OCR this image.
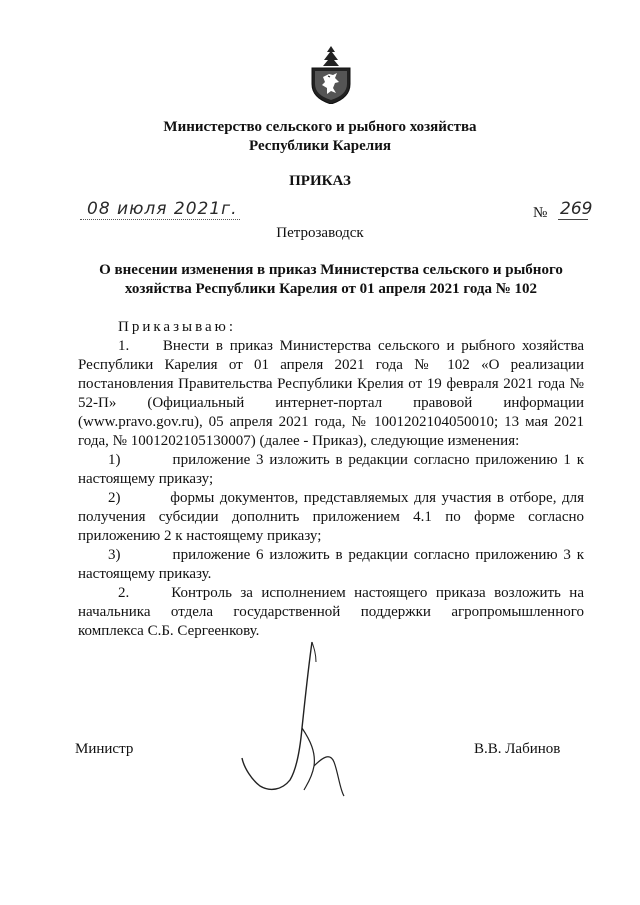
Министерство сельского и рыбного хозяйства
Республики Карелия
ПРИКАЗ
08 июля 2021г.	№ 269
Петрозаводск
О внесении изменения в приказ Министерства сельского и рыбного
хозяйства Республики Карелия от 01 апреля 2021 года № 102

Приказываю:

1.     Внести в приказ Министерства сельского и рыбного хозяйства Республики Карелия от 01 апреля 2021 года № 102 «О реализации постановления Правительства Республики Крелия от 19 февраля 2021 года № 52-П» (Официальный интернет-портал правовой информации (www.pravo.gov.ru), 05 апреля 2021 года, № 1001202104050010; 13 мая 2021 года, № 1001202105130007) (далее - Приказ), следующие изменения:

1)         приложение 3 изложить в редакции согласно приложению 1 к настоящему приказу;

2)         формы документов, представляемых для участия в отборе, для получения субсидии дополнить приложением 4.1 по форме согласно приложению 2 к настоящему приказу;

3)         приложение 6 изложить в редакции согласно приложению 3 к настоящему приказу.

2.     Контроль за исполнением настоящего приказа возложить на начальника отдела государственной поддержки агропромышленного комплекса С.Б. Сергеенкову.

Министр	В.В. Лабинов
